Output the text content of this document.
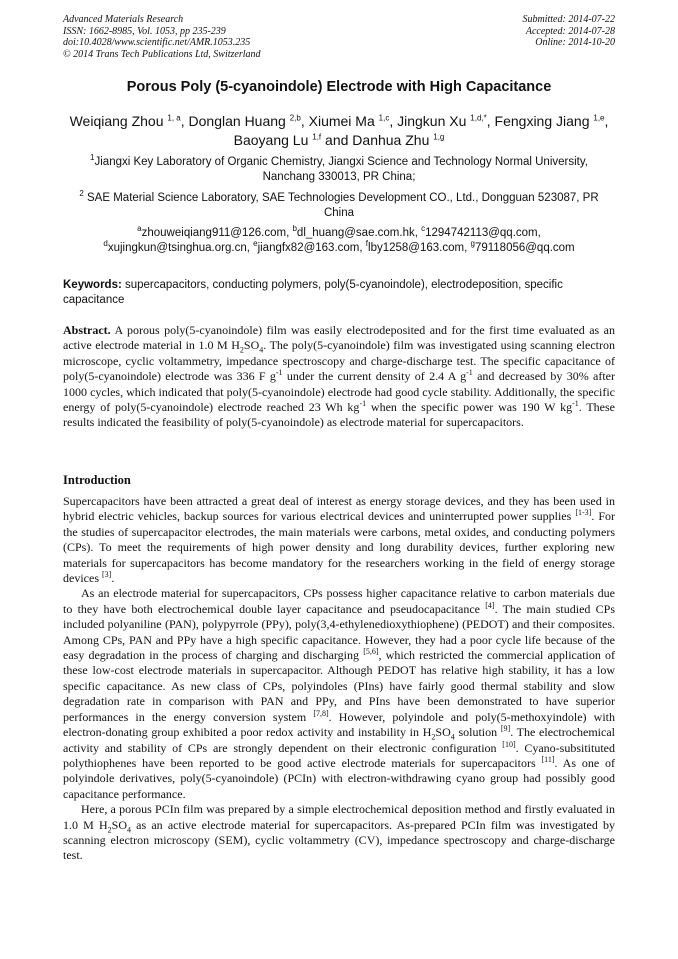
Advanced Materials Research
ISSN: 1662-8985, Vol. 1053, pp 235-239
doi:10.4028/www.scientific.net/AMR.1053.235
© 2014 Trans Tech Publications Ltd, Switzerland
Submitted: 2014-07-22
Accepted: 2014-07-28
Online: 2014-10-20
Porous Poly (5-cyanoindole) Electrode with High Capacitance
Weiqiang Zhou $^{1, a}$, Donglan Huang $^{2,b}$, Xiumei Ma $^{1,c}$, Jingkun Xu $^{1,d,*}$, Fengxing Jiang $^{1,e}$, Baoyang Lu $^{1,f}$ and Danhua Zhu $^{1,g}$
$^1$Jiangxi Key Laboratory of Organic Chemistry, Jiangxi Science and Technology Normal University, Nanchang 330013, PR China;
$^2$ SAE Material Science Laboratory, SAE Technologies Development CO., Ltd., Dongguan 523087, PR China
$^a$zhouweiqiang911@126.com, $^b$dl_huang@sae.com.hk, $^c$1294742113@qq.com, $^d$xujingkun@tsinghua.org.cn, $^e$jiangfx82@163.com, $^f$lby1258@163.com, $^g$79118056@qq.com
Keywords: supercapacitors, conducting polymers, poly(5-cyanoindole), electrodeposition, specific capacitance
Abstract. A porous poly(5-cyanoindole) film was easily electrodeposited and for the first time evaluated as an active electrode material in 1.0 M $H_2SO_4$. The poly(5-cyanoindole) film was investigated using scanning electron microscope, cyclic voltammetry, impedance spectroscopy and charge-discharge test. The specific capacitance of poly(5-cyanoindole) electrode was 336 F $g^{-1}$ under the current density of 2.4 A $g^{-1}$ and decreased by 30% after 1000 cycles, which indicated that poly(5-cyanoindole) electrode had good cycle stability. Additionally, the specific energy of poly(5-cyanoindole) electrode reached 23 Wh $kg^{-1}$ when the specific power was 190 W $kg^{-1}$. These results indicated the feasibility of poly(5-cyanoindole) as electrode material for supercapacitors.
Introduction

Supercapacitors have been attracted a great deal of interest as energy storage devices, and they has been used in hybrid electric vehicles, backup sources for various electrical devices and uninterrupted power supplies [1-3]. For the studies of supercapacitor electrodes, the main materials were carbons, metal oxides, and conducting polymers (CPs). To meet the requirements of high power density and long durability devices, further exploring new materials for supercapacitors has become mandatory for the researchers working in the field of energy storage devices [3].

As an electrode material for supercapacitors, CPs possess higher capacitance relative to carbon materials due to they have both electrochemical double layer capacitance and pseudocapacitance [4]. The main studied CPs included polyaniline (PAN), polypyrrole (PPy), poly(3,4-ethylenedioxythiophene) (PEDOT) and their composites. Among CPs, PAN and PPy have a high specific capacitance. However, they had a poor cycle life because of the easy degradation in the process of charging and discharging [5,6], which restricted the commercial application of these low-cost electrode materials in supercapacitor. Although PEDOT has relative high stability, it has a low specific capacitance. As new class of CPs, polyindoles (PIns) have fairly good thermal stability and slow degradation rate in comparison with PAN and PPy, and PIns have been demonstrated to have superior performances in the energy conversion system [7,8]. However, polyindole and poly(5-methoxyindole) with electron-donating group exhibited a poor redox activity and instability in $H_2SO_4$ solution [9]. The electrochemical activity and stability of CPs are strongly dependent on their electronic configuration [10]. Cyano-subsitituted polythiophenes have been reported to be good active electrode materials for supercapacitors [11]. As one of polyindole derivatives, poly(5-cyanoindole) (PCIn) with electron-withdrawing cyano group had possibly good capacitance performance.

Here, a porous PCIn film was prepared by a simple electrochemical deposition method and firstly evaluated in 1.0 M $H_2SO_4$ as an active electrode material for supercapacitors. As-prepared PCIn film was investigated by scanning electron microscopy (SEM), cyclic voltammetry (CV), impedance spectroscopy and charge-discharge test.
